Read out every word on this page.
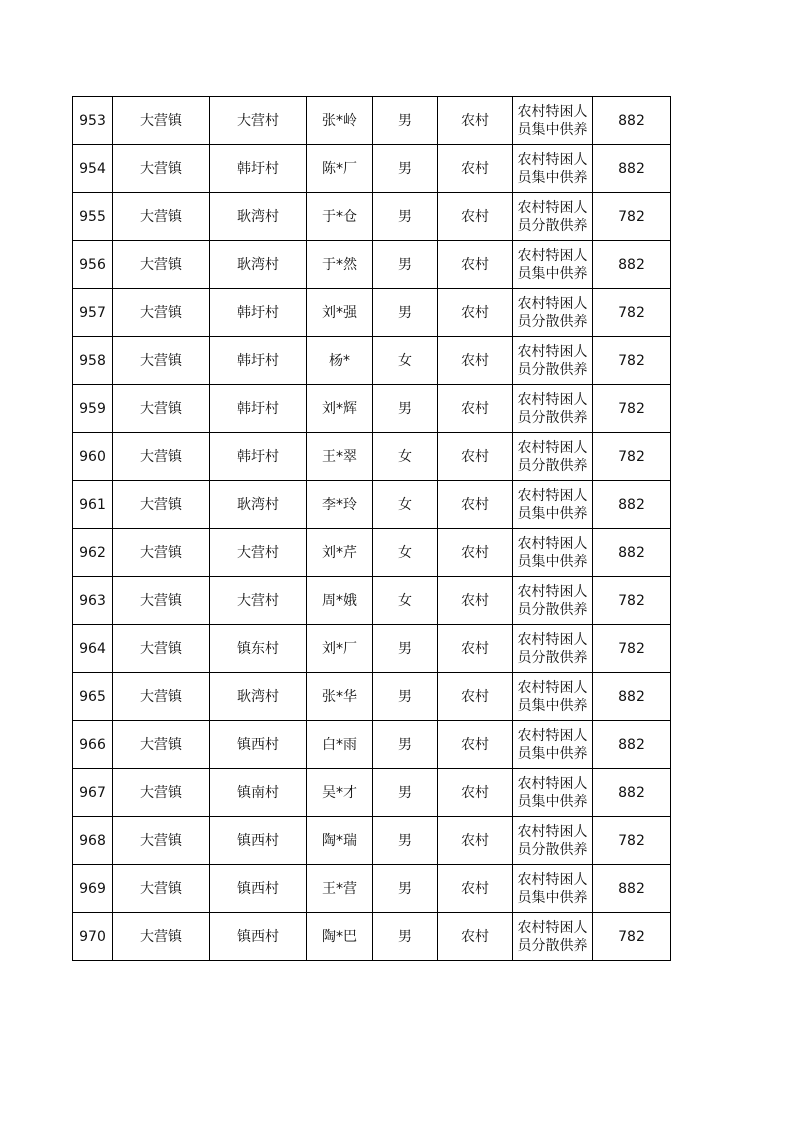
953	大营镇	大营村	张*岭	男	农村	农村特困人员集中供养	882
954	大营镇	韩圩村	陈*厂	男	农村	农村特困人员集中供养	882
955	大营镇	耿湾村	于*仓	男	农村	农村特困人员分散供养	782
956	大营镇	耿湾村	于*然	男	农村	农村特困人员集中供养	882
957	大营镇	韩圩村	刘*强	男	农村	农村特困人员分散供养	782
958	大营镇	韩圩村	杨*	女	农村	农村特困人员分散供养	782
959	大营镇	韩圩村	刘*辉	男	农村	农村特困人员分散供养	782
960	大营镇	韩圩村	王*翠	女	农村	农村特困人员分散供养	782
961	大营镇	耿湾村	李*玲	女	农村	农村特困人员集中供养	882
962	大营镇	大营村	刘*芹	女	农村	农村特困人员集中供养	882
963	大营镇	大营村	周*娥	女	农村	农村特困人员分散供养	782
964	大营镇	镇东村	刘*厂	男	农村	农村特困人员分散供养	782
965	大营镇	耿湾村	张*华	男	农村	农村特困人员集中供养	882
966	大营镇	镇西村	白*雨	男	农村	农村特困人员集中供养	882
967	大营镇	镇南村	吴*才	男	农村	农村特困人员集中供养	882
968	大营镇	镇西村	陶*瑞	男	农村	农村特困人员分散供养	782
969	大营镇	镇西村	王*营	男	农村	农村特困人员集中供养	882
970	大营镇	镇西村	陶*巴	男	农村	农村特困人员分散供养	782
